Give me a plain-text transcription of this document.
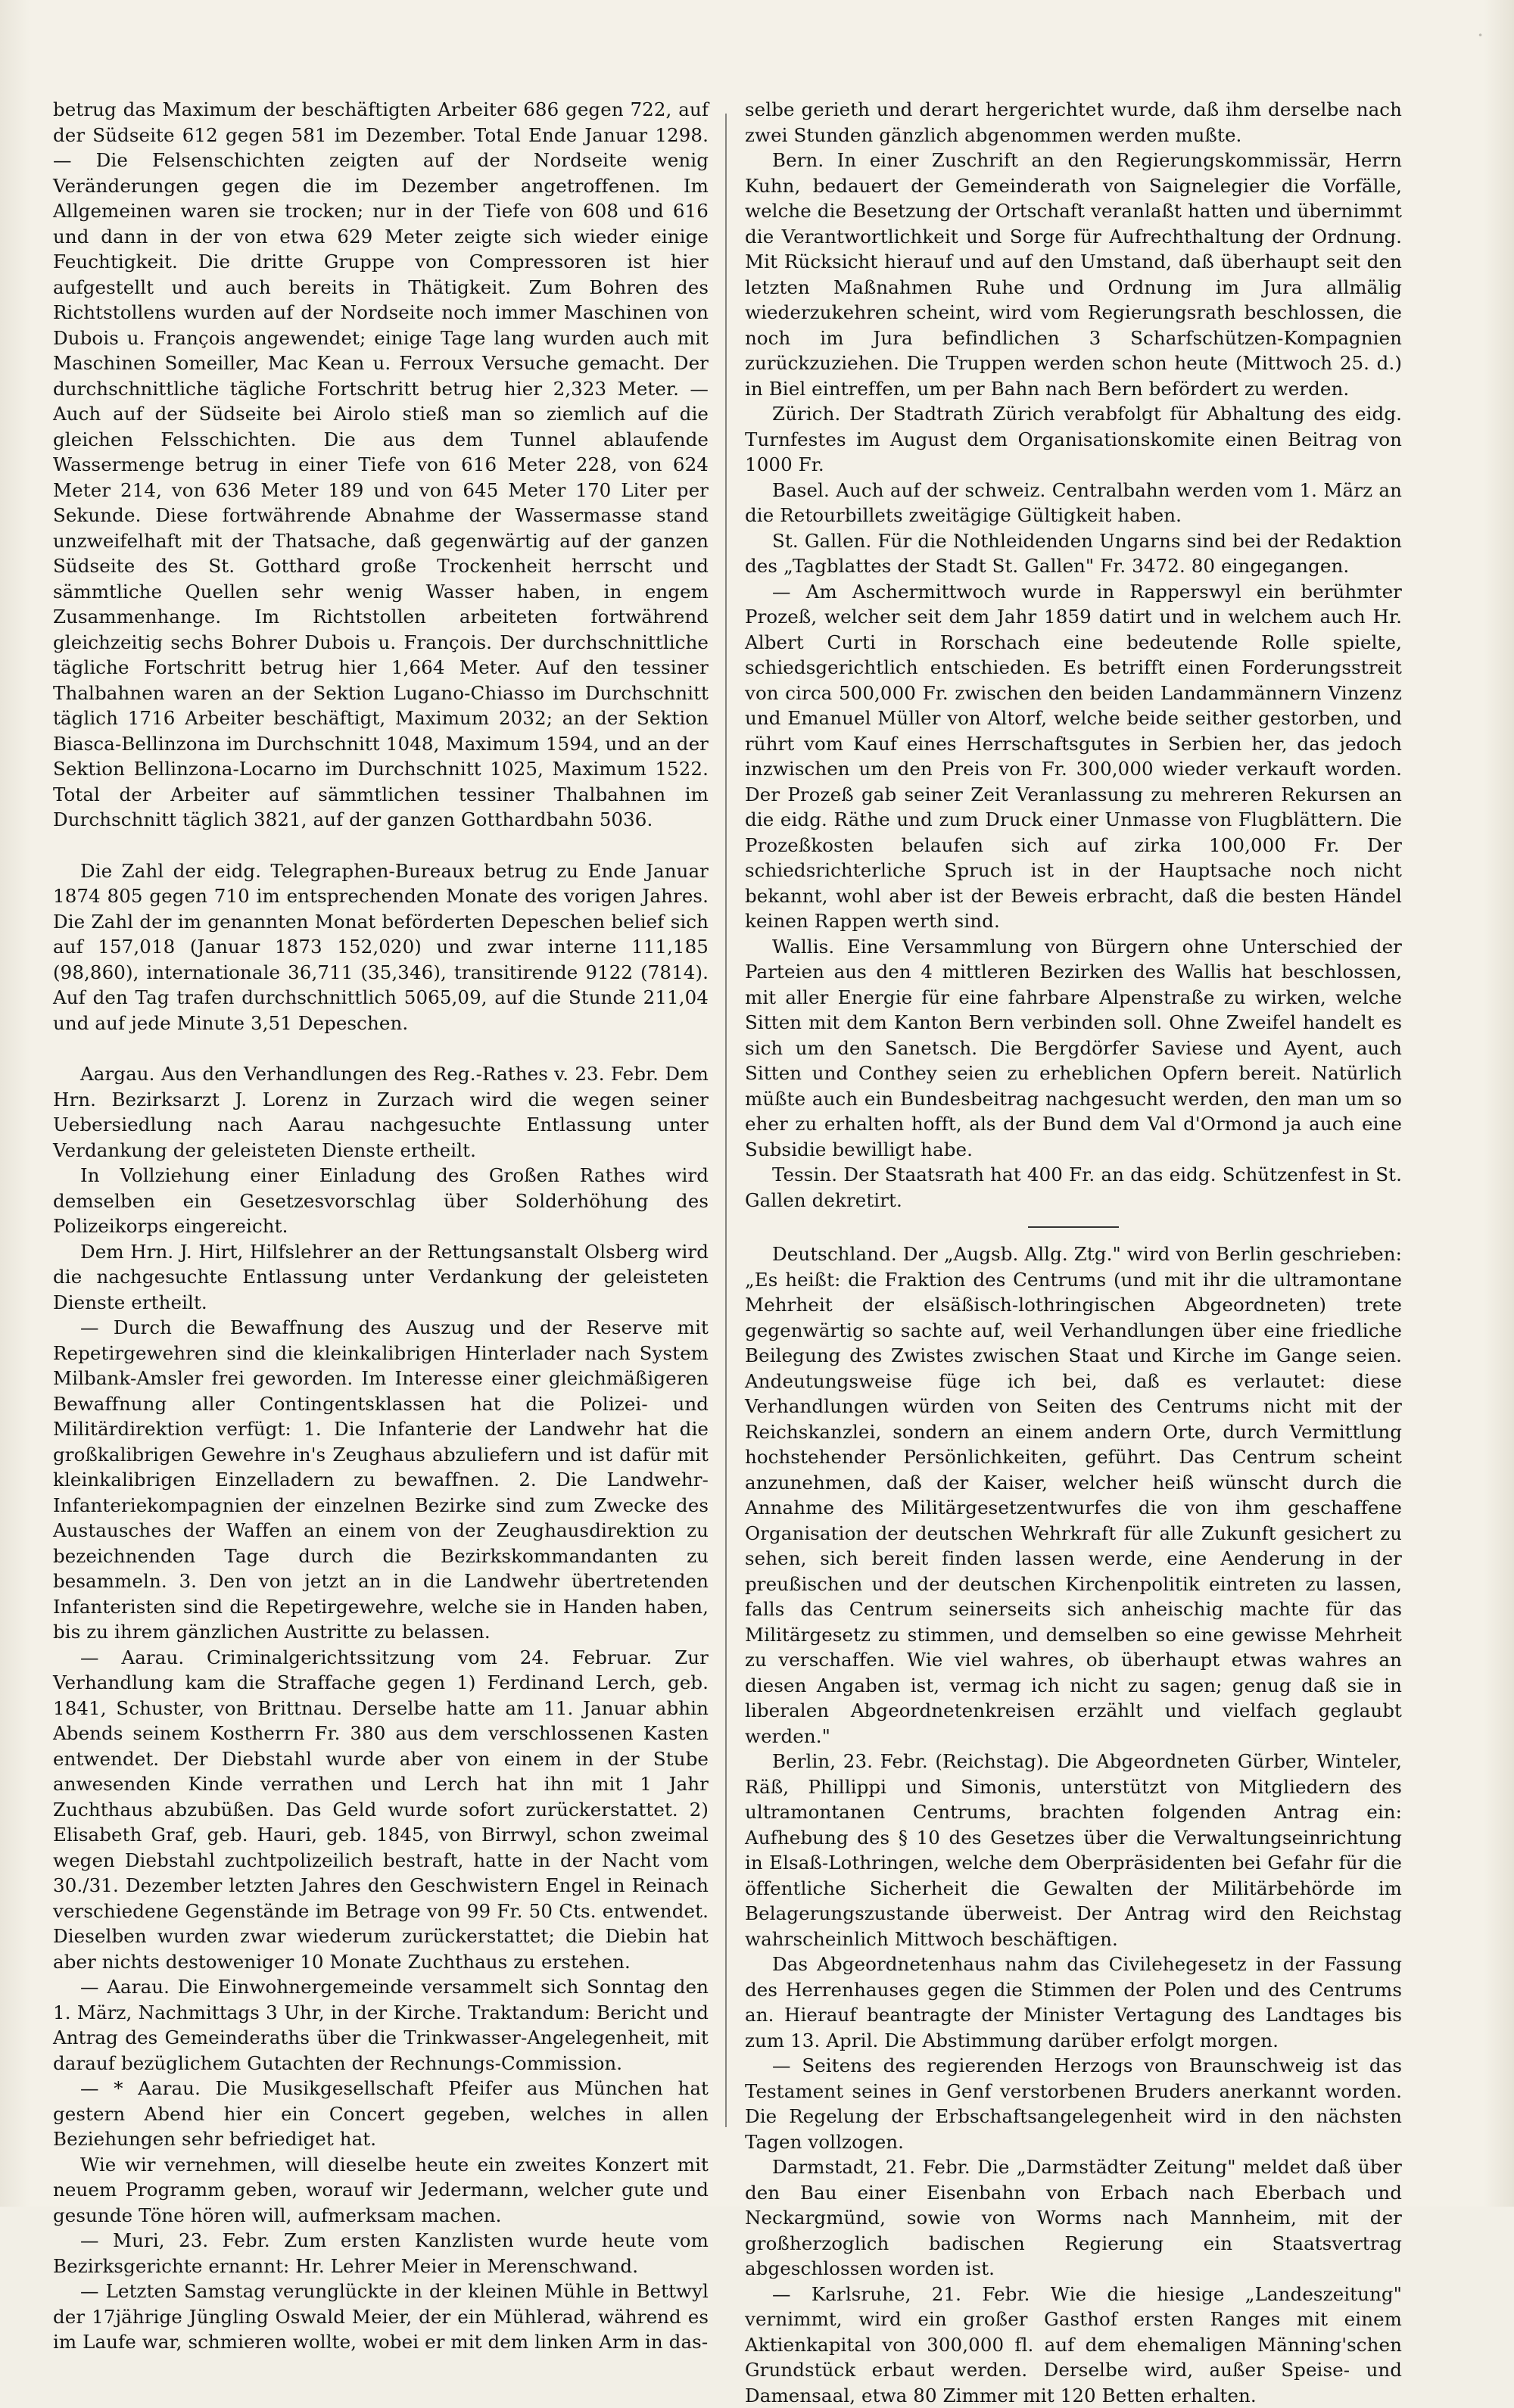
·

betrug das Maximum der beschäftigten Arbeiter 686 gegen 722, auf der Südseite 612 gegen 581 im Dezember. Total Ende Januar 1298. — Die Felsenschichten zeigten auf der Nordseite wenig Veränderungen gegen die im Dezember angetroffenen. Im Allgemeinen waren sie trocken; nur in der Tiefe von 608 und 616 und dann in der von etwa 629 Meter zeigte sich wieder einige Feuchtigkeit. Die dritte Gruppe von Compressoren ist hier aufgestellt und auch bereits in Thätigkeit. Zum Bohren des Richtstollens wurden auf der Nordseite noch immer Maschinen von Dubois u. François angewendet; einige Tage lang wurden auch mit Maschinen Someiller, Mac Kean u. Ferroux Versuche gemacht. Der durchschnittliche tägliche Fortschritt betrug hier 2,323 Meter. — Auch auf der Südseite bei Airolo stieß man so ziemlich auf die gleichen Felsschichten. Die aus dem Tunnel ablaufende Wassermenge betrug in einer Tiefe von 616 Meter 228, von 624 Meter 214, von 636 Meter 189 und von 645 Meter 170 Liter per Sekunde. Diese fortwährende Abnahme der Wassermasse stand unzweifelhaft mit der Thatsache, daß gegenwärtig auf der ganzen Südseite des St. Gotthard große Trockenheit herrscht und sämmtliche Quellen sehr wenig Wasser haben, in engem Zusammenhange. Im Richtstollen arbeiteten fortwährend gleichzeitig sechs Bohrer Dubois u. François. Der durchschnittliche tägliche Fortschritt betrug hier 1,664 Meter. Auf den tessiner Thalbahnen waren an der Sektion Lugano-Chiasso im Durchschnitt täglich 1716 Arbeiter beschäftigt, Maximum 2032; an der Sektion Biasca-Bellinzona im Durchschnitt 1048, Maximum 1594, und an der Sektion Bellinzona-Locarno im Durchschnitt 1025, Maximum 1522. Total der Arbeiter auf sämmtlichen tessiner Thalbahnen im Durchschnitt täglich 3821, auf der ganzen Gotthardbahn 5036.

Die Zahl der eidg. Telegraphen-Bureaux betrug zu Ende Januar 1874 805 gegen 710 im entsprechenden Monate des vorigen Jahres. Die Zahl der im genannten Monat beförderten Depeschen belief sich auf 157,018 (Januar 1873 152,020) und zwar interne 111,185 (98,860), internationale 36,711 (35,346), transitirende 9122 (7814). Auf den Tag trafen durchschnittlich 5065,09, auf die Stunde 211,04 und auf jede Minute 3,51 Depeschen.

Aargau. Aus den Verhandlungen des Reg.-Rathes v. 23. Febr. Dem Hrn. Bezirksarzt J. Lorenz in Zurzach wird die wegen seiner Uebersiedlung nach Aarau nachgesuchte Entlassung unter Verdankung der geleisteten Dienste ertheilt.

In Vollziehung einer Einladung des Großen Rathes wird demselben ein Gesetzesvorschlag über Solderhöhung des Polizeikorps eingereicht.

Dem Hrn. J. Hirt, Hilfslehrer an der Rettungsanstalt Olsberg wird die nachgesuchte Entlassung unter Verdankung der geleisteten Dienste ertheilt.

— Durch die Bewaffnung des Auszug und der Reserve mit Repetirgewehren sind die kleinkalibrigen Hinterlader nach System Milbank-Amsler frei geworden. Im Interesse einer gleichmäßigeren Bewaffnung aller Contingentsklassen hat die Polizei- und Militärdirektion verfügt: 1. Die Infanterie der Landwehr hat die großkalibrigen Gewehre in's Zeughaus abzuliefern und ist dafür mit kleinkalibrigen Einzelladern zu bewaffnen. 2. Die Landwehr-Infanteriekompagnien der einzelnen Bezirke sind zum Zwecke des Austausches der Waffen an einem von der Zeughausdirektion zu bezeichnenden Tage durch die Bezirkskommandanten zu besammeln. 3. Den von jetzt an in die Landwehr übertretenden Infanteristen sind die Repetirgewehre, welche sie in Handen haben, bis zu ihrem gänzlichen Austritte zu belassen.

— Aarau. Criminalgerichtssitzung vom 24. Februar. Zur Verhandlung kam die Straffache gegen 1) Ferdinand Lerch, geb. 1841, Schuster, von Brittnau. Derselbe hatte am 11. Januar abhin Abends seinem Kostherrn Fr. 380 aus dem verschlossenen Kasten entwendet. Der Diebstahl wurde aber von einem in der Stube anwesenden Kinde verrathen und Lerch hat ihn mit 1 Jahr Zuchthaus abzubüßen. Das Geld wurde sofort zurückerstattet. 2) Elisabeth Graf, geb. Hauri, geb. 1845, von Birrwyl, schon zweimal wegen Diebstahl zuchtpolizeilich bestraft, hatte in der Nacht vom 30./31. Dezember letzten Jahres den Geschwistern Engel in Reinach verschiedene Gegenstände im Betrage von 99 Fr. 50 Cts. entwendet. Dieselben wurden zwar wiederum zurückerstattet; die Diebin hat aber nichts destoweniger 10 Monate Zuchthaus zu erstehen.

— Aarau. Die Einwohnergemeinde versammelt sich Sonntag den 1. März, Nachmittags 3 Uhr, in der Kirche. Traktandum: Bericht und Antrag des Gemeinderaths über die Trinkwasser-Angelegenheit, mit darauf bezüglichem Gutachten der Rechnungs-Commission.

— * Aarau. Die Musikgesellschaft Pfeifer aus München hat gestern Abend hier ein Concert gegeben, welches in allen Beziehungen sehr befriediget hat.

Wie wir vernehmen, will dieselbe heute ein zweites Konzert mit neuem Programm geben, worauf wir Jedermann, welcher gute und gesunde Töne hören will, aufmerksam machen.

— Muri, 23. Febr. Zum ersten Kanzlisten wurde heute vom Bezirksgerichte ernannt: Hr. Lehrer Meier in Merenschwand.

— Letzten Samstag verunglückte in der kleinen Mühle in Bettwyl der 17jährige Jüngling Oswald Meier, der ein Mühlerad, während es im Laufe war, schmieren wollte, wobei er mit dem linken Arm in das-

selbe gerieth und derart hergerichtet wurde, daß ihm derselbe nach zwei Stunden gänzlich abgenommen werden mußte.

Bern. In einer Zuschrift an den Regierungskommissär, Herrn Kuhn, bedauert der Gemeinderath von Saignelegier die Vorfälle, welche die Besetzung der Ortschaft veranlaßt hatten und übernimmt die Verantwortlichkeit und Sorge für Aufrechthaltung der Ordnung. Mit Rücksicht hierauf und auf den Umstand, daß überhaupt seit den letzten Maßnahmen Ruhe und Ordnung im Jura allmälig wiederzukehren scheint, wird vom Regierungsrath beschlossen, die noch im Jura befindlichen 3 Scharfschützen-Kompagnien zurückzuziehen. Die Truppen werden schon heute (Mittwoch 25. d.) in Biel eintreffen, um per Bahn nach Bern befördert zu werden.

Zürich. Der Stadtrath Zürich verabfolgt für Abhaltung des eidg. Turnfestes im August dem Organisationskomite einen Beitrag von 1000 Fr.

Basel. Auch auf der schweiz. Centralbahn werden vom 1. März an die Retourbillets zweitägige Gültigkeit haben.

St. Gallen. Für die Nothleidenden Ungarns sind bei der Redaktion des „Tagblattes der Stadt St. Gallen" Fr. 3472. 80 eingegangen.

— Am Aschermittwoch wurde in Rapperswyl ein berühmter Prozeß, welcher seit dem Jahr 1859 datirt und in welchem auch Hr. Albert Curti in Rorschach eine bedeutende Rolle spielte, schiedsgerichtlich entschieden. Es betrifft einen Forderungsstreit von circa 500,000 Fr. zwischen den beiden Landammännern Vinzenz und Emanuel Müller von Altorf, welche beide seither gestorben, und rührt vom Kauf eines Herrschaftsgutes in Serbien her, das jedoch inzwischen um den Preis von Fr. 300,000 wieder verkauft worden. Der Prozeß gab seiner Zeit Veranlassung zu mehreren Rekursen an die eidg. Räthe und zum Druck einer Unmasse von Flugblättern. Die Prozeßkosten belaufen sich auf zirka 100,000 Fr. Der schiedsrichterliche Spruch ist in der Hauptsache noch nicht bekannt, wohl aber ist der Beweis erbracht, daß die besten Händel keinen Rappen werth sind.

Wallis. Eine Versammlung von Bürgern ohne Unterschied der Parteien aus den 4 mittleren Bezirken des Wallis hat beschlossen, mit aller Energie für eine fahrbare Alpenstraße zu wirken, welche Sitten mit dem Kanton Bern verbinden soll. Ohne Zweifel handelt es sich um den Sanetsch. Die Bergdörfer Saviese und Ayent, auch Sitten und Conthey seien zu erheblichen Opfern bereit. Natürlich müßte auch ein Bundesbeitrag nachgesucht werden, den man um so eher zu erhalten hofft, als der Bund dem Val d'Ormond ja auch eine Subsidie bewilligt habe.

Tessin. Der Staatsrath hat 400 Fr. an das eidg. Schützenfest in St. Gallen dekretirt.

Deutschland. Der „Augsb. Allg. Ztg." wird von Berlin geschrieben: „Es heißt: die Fraktion des Centrums (und mit ihr die ultramontane Mehrheit der elsäßisch-lothringischen Abgeordneten) trete gegenwärtig so sachte auf, weil Verhandlungen über eine friedliche Beilegung des Zwistes zwischen Staat und Kirche im Gange seien. Andeutungsweise füge ich bei, daß es verlautet: diese Verhandlungen würden von Seiten des Centrums nicht mit der Reichskanzlei, sondern an einem andern Orte, durch Vermittlung hochstehender Persönlichkeiten, geführt. Das Centrum scheint anzunehmen, daß der Kaiser, welcher heiß wünscht durch die Annahme des Militärgesetzentwurfes die von ihm geschaffene Organisation der deutschen Wehrkraft für alle Zukunft gesichert zu sehen, sich bereit finden lassen werde, eine Aenderung in der preußischen und der deutschen Kirchenpolitik eintreten zu lassen, falls das Centrum seinerseits sich anheischig machte für das Militärgesetz zu stimmen, und demselben so eine gewisse Mehrheit zu verschaffen. Wie viel wahres, ob überhaupt etwas wahres an diesen Angaben ist, vermag ich nicht zu sagen; genug daß sie in liberalen Abgeordnetenkreisen erzählt und vielfach geglaubt werden."

Berlin, 23. Febr. (Reichstag). Die Abgeordneten Gürber, Winteler, Räß, Phillippi und Simonis, unterstützt von Mitgliedern des ultramontanen Centrums, brachten folgenden Antrag ein: Aufhebung des § 10 des Gesetzes über die Verwaltungseinrichtung in Elsaß-Lothringen, welche dem Oberpräsidenten bei Gefahr für die öffentliche Sicherheit die Gewalten der Militärbehörde im Belagerungszustande überweist. Der Antrag wird den Reichstag wahrscheinlich Mittwoch beschäftigen.

Das Abgeordnetenhaus nahm das Civilehegesetz in der Fassung des Herrenhauses gegen die Stimmen der Polen und des Centrums an. Hierauf beantragte der Minister Vertagung des Landtages bis zum 13. April. Die Abstimmung darüber erfolgt morgen.

— Seitens des regierenden Herzogs von Braunschweig ist das Testament seines in Genf verstorbenen Bruders anerkannt worden. Die Regelung der Erbschaftsangelegenheit wird in den nächsten Tagen vollzogen.

Darmstadt, 21. Febr. Die „Darmstädter Zeitung" meldet daß über den Bau einer Eisenbahn von Erbach nach Eberbach und Neckargmünd, sowie von Worms nach Mannheim, mit der großherzoglich badischen Regierung ein Staatsvertrag abgeschlossen worden ist.

— Karlsruhe, 21. Febr. Wie die hiesige „Landeszeitung" vernimmt, wird ein großer Gasthof ersten Ranges mit einem Aktienkapital von 300,000 fl. auf dem ehemaligen Männing'schen Grundstück erbaut werden. Derselbe wird, außer Speise- und Damensaal, etwa 80 Zimmer mit 120 Betten erhalten.
